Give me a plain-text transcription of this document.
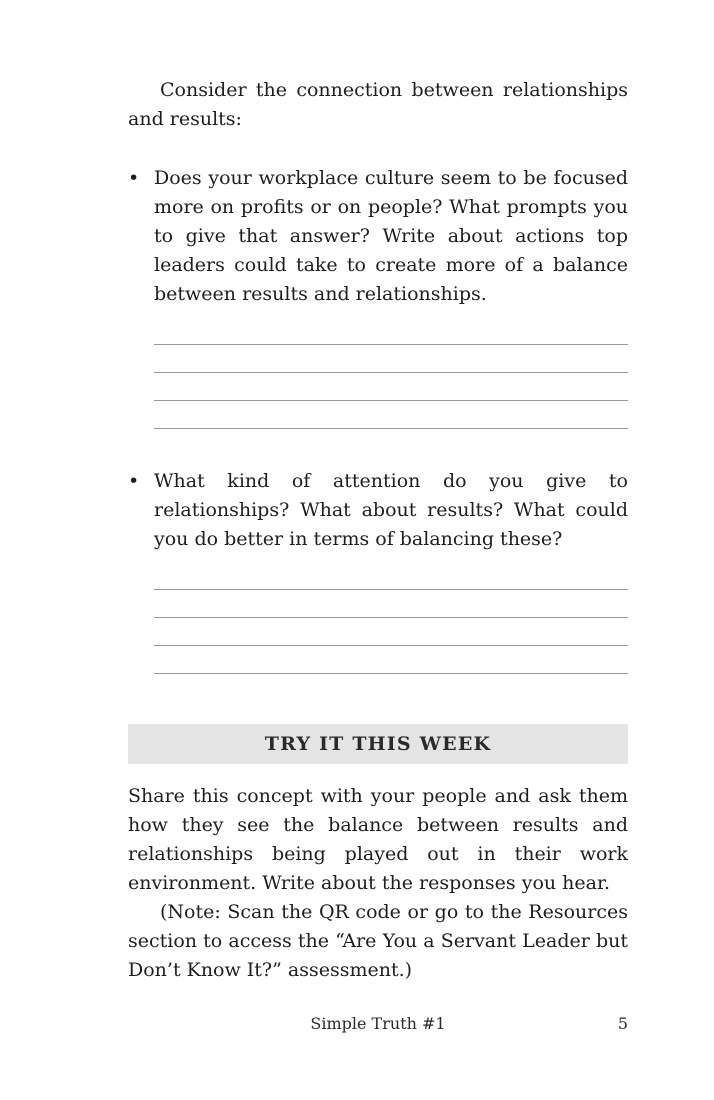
Consider the connection between relationships and results:

• Does your workplace culture seem to be focused more on profits or on people? What prompts you to give that answer? Write about actions top leaders could take to create more of a balance between results and relationships.
• What kind of attention do you give to relationships? What about results? What could you do better in terms of balancing these?
TRY IT THIS WEEK

Share this concept with your people and ask them how they see the balance between results and relationships being played out in their work environment. Write about the responses you hear.

(Note: Scan the QR code or go to the Resources section to access the “Are You a Servant Leader but Don’t Know It?” assessment.)

Simple Truth #1	5
